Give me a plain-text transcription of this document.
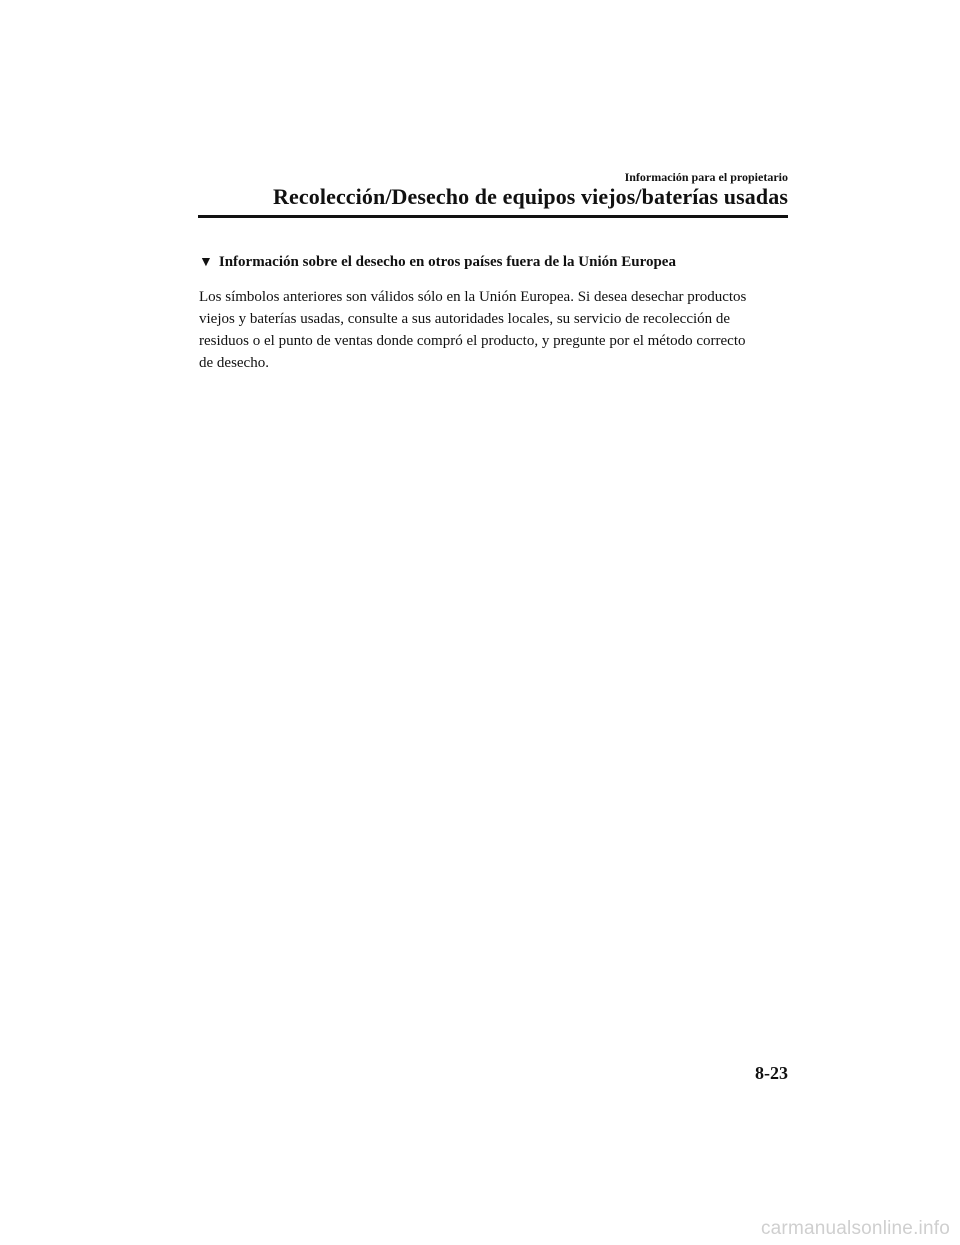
Información para el propietario
Recolección/Desecho de equipos viejos/baterías usadas
▼ Información sobre el desecho en otros países fuera de la Unión Europea

Los símbolos anteriores son válidos sólo en la Unión Europea. Si desea desechar productos

viejos y baterías usadas, consulte a sus autoridades locales, su servicio de recolección de

residuos o el punto de ventas donde compró el producto, y pregunte por el método correcto

de desecho.

8-23
carmanualsonline.info
